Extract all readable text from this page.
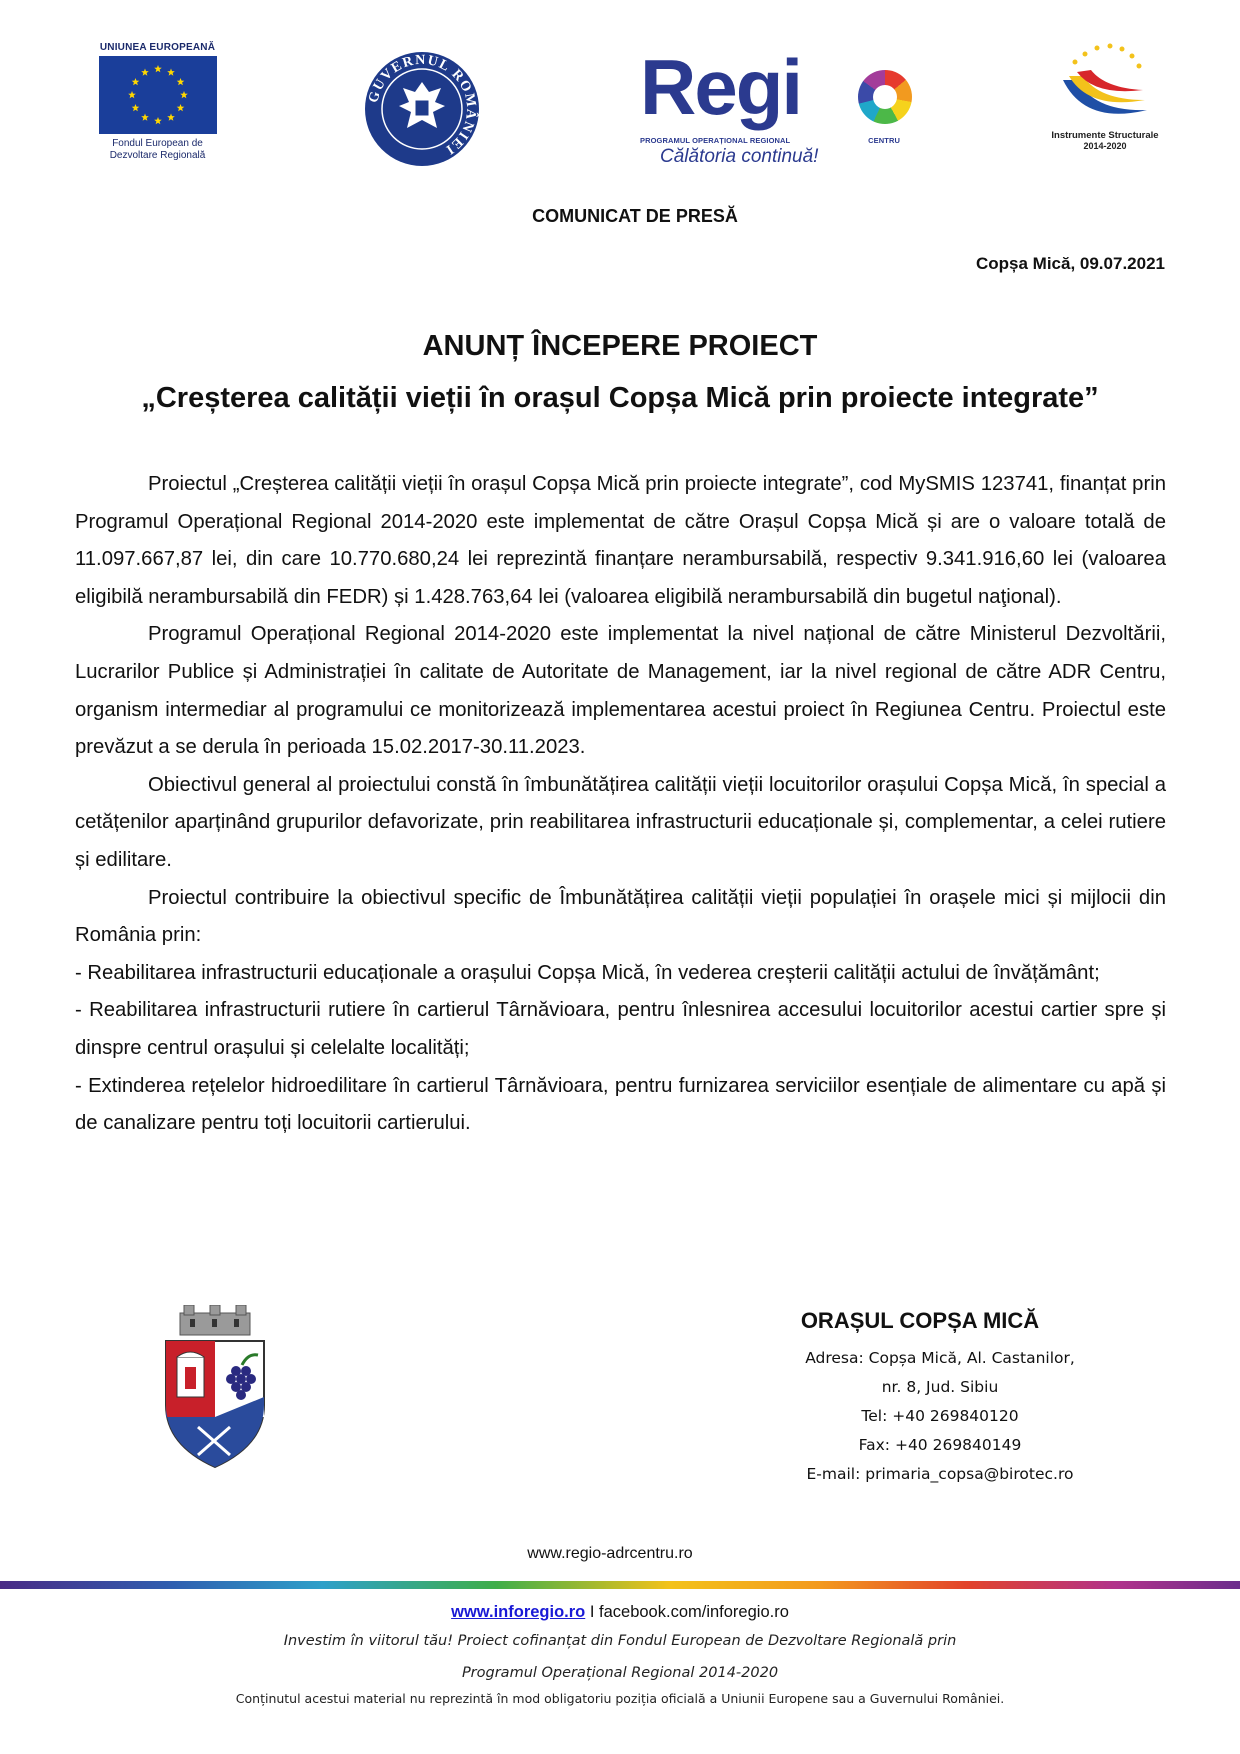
UNIUNEA EUROPEANĂ
Fondul European de
Dezvoltare Regională
GUVERNUL ROMÂNIEI
Regi
PROGRAMUL OPERAȚIONAL REGIONAL	CENTRU
Călătoria continuă!
Instrumente Structurale
2014-2020
COMUNICAT DE PRESĂ
Copșa Mică, 09.07.2021
ANUNȚ ÎNCEPERE PROIECT
„Creșterea calității vieții în orașul Copșa Mică prin proiecte integrate”

Proiectul „Creșterea calității vieții în orașul Copșa Mică prin proiecte integrate”, cod MySMIS 123741, finanțat prin Programul Operațional Regional 2014-2020 este implementat de către Orașul Copșa Mică și are o valoare totală de 11.097.667,87 lei, din care 10.770.680,24 lei reprezintă finanțare nerambursabilă, respectiv 9.341.916,60 lei (valoarea eligibilă nerambursabilă din FEDR) și 1.428.763,64 lei (valoarea eligibilă nerambursabilă din bugetul naţional).

Programul Operațional Regional 2014-2020 este implementat la nivel național de către Ministerul Dezvoltării, Lucrarilor Publice și Administrației în calitate de Autoritate de Management, iar la nivel regional de către ADR Centru, organism intermediar al programului ce monitorizează implementarea acestui proiect în Regiunea Centru. Proiectul este prevăzut a se derula în perioada 15.02.2017-30.11.2023.

Obiectivul general al proiectului constă în îmbunătățirea calității vieții locuitorilor orașului Copșa Mică, în special a cetățenilor aparținând grupurilor defavorizate, prin reabilitarea infrastructurii educaționale și, complementar, a celei rutiere și edilitare.

Proiectul contribuire la obiectivul specific de Îmbunătățirea calității vieții populației în orașele mici și mijlocii din România prin:

- Reabilitarea infrastructurii educaționale a orașului Copșa Mică, în vederea creșterii calității actului de învățământ;

- Reabilitarea infrastructurii rutiere în cartierul Târnăvioara, pentru înlesnirea accesului locuitorilor acestui cartier spre și dinspre centrul orașului și celelalte localități;

- Extinderea rețelelor hidroedilitare în cartierul Târnăvioara, pentru furnizarea serviciilor esențiale de alimentare cu apă și de canalizare pentru toți locuitorii cartierului.

ORAȘUL COPȘA MICĂ
Adresa: Copșa Mică, Al. Castanilor,
nr. 8, Jud. Sibiu
Tel: +40 269840120
Fax: +40 269840149
E-mail: primaria_copsa@birotec.ro
www.regio-adrcentru.ro
www.inforegio.ro I facebook.com/inforegio.ro
Investim în viitorul tău! Proiect cofinanțat din Fondul European de Dezvoltare Regională prin
Programul Operațional Regional 2014-2020
Conținutul acestui material nu reprezintă în mod obligatoriu poziția oficială a Uniunii Europene sau a Guvernului României.
